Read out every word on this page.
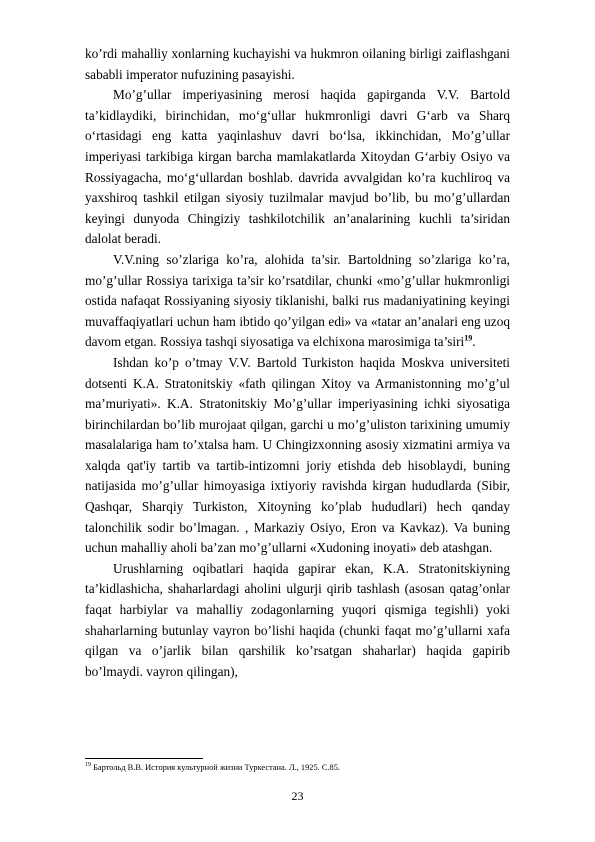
ko’rdi mahalliy xonlarning kuchayishi va hukmron oilaning birligi zaiflashgani sababli imperator nufuzining pasayishi.

Mo’g’ullar imperiyasining merosi haqida gapirganda V.V. Bartold ta’kidlaydiki, birinchidan, mo‘g‘ullar hukmronligi davri G‘arb va Sharq o‘rtasidagi eng katta yaqinlashuv davri bo‘lsa, ikkinchidan, Mo’g’ullar imperiyasi tarkibiga kirgan barcha mamlakatlarda Xitoydan G‘arbiy Osiyo va Rossiyagacha, mo‘g‘ullardan boshlab. davrida avvalgidan ko’ra kuchliroq va yaxshiroq tashkil etilgan siyosiy tuzilmalar mavjud bo’lib, bu mo’g’ullardan keyingi dunyoda Chingiziy tashkilotchilik an’analarining kuchli ta’siridan dalolat beradi.

V.V.ning so’zlariga ko’ra, alohida ta’sir. Bartoldning so’zlariga ko’ra, mo’g’ullar Rossiya tarixiga ta’sir ko’rsatdilar, chunki «mo’g’ullar hukmronligi ostida nafaqat Rossiyaning siyosiy tiklanishi, balki rus madaniyatining keyingi muvaffaqiyatlari uchun ham ibtido qo’yilgan edi» va «tatar an’analari eng uzoq davom etgan. Rossiya tashqi siyosatiga va elchixona marosimiga ta’siri$^{19}$.

Ishdan ko’p o’tmay V.V. Bartold Turkiston haqida Moskva universiteti dotsenti K.A. Stratonitskiy «fath qilingan Xitoy va Armanistonning mo’g’ul ma’muriyati». K.A. Stratonitskiy Mo’g’ullar imperiyasining ichki siyosatiga birinchilardan bo’lib murojaat qilgan, garchi u mo’g’uliston tarixining umumiy masalalariga ham to’xtalsa ham. U Chingizxonning asosiy xizmatini armiya va xalqda qat'iy tartib va tartib-intizomni joriy etishda deb hisoblaydi, buning natijasida mo’g’ullar himoyasiga ixtiyoriy ravishda kirgan hududlarda (Sibir, Qashqar, Sharqiy Turkiston, Xitoyning ko’plab hududlari) hech qanday talonchilik sodir bo’lmagan. , Markaziy Osiyo, Eron va Kavkaz). Va buning uchun mahalliy aholi ba’zan mo’g’ullarni «Xudoning inoyati» deb atashgan.

Urushlarning oqibatlari haqida gapirar ekan, K.A. Stratonitskiyning ta’kidlashicha, shaharlardagi aholini ulgurji qirib tashlash (asosan qatag’onlar faqat harbiylar va mahalliy zodagonlarning yuqori qismiga tegishli) yoki shaharlarning butunlay vayron bo’lishi haqida (chunki faqat mo’g’ullarni xafa qilgan va o’jarlik bilan qarshilik ko’rsatgan shaharlar) haqida gapirib bo’lmaydi. vayron qilingan),

$^{19}$ Бартольд В.В. История культурной жизни Туркестана. Л., 1925. С.85.

23
